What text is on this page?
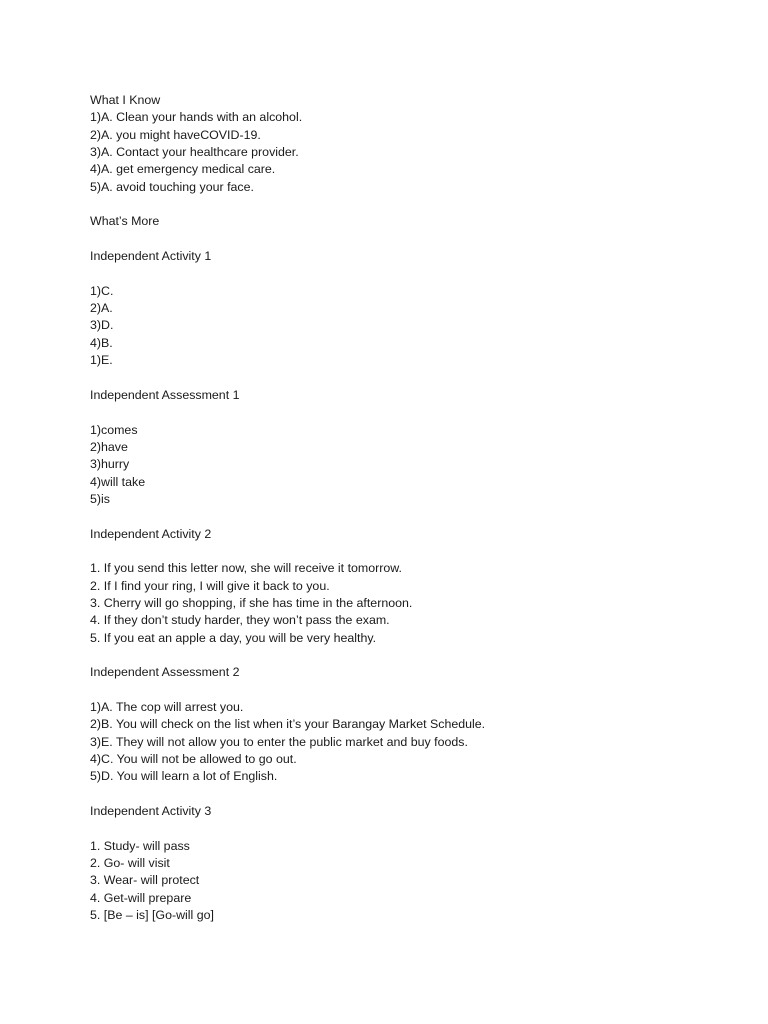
What I Know
1)A. Clean your hands with an alcohol.
2)A. you might haveCOVID-19.
3)A. Contact your healthcare provider.
4)A. get emergency medical care.
5)A. avoid touching your face.
What’s More
Independent Activity 1
1)C.
2)A.
3)D.
4)B.
1)E.
Independent Assessment 1
1)comes
2)have
3)hurry
4)will take
5)is
Independent Activity 2
1. If you send this letter now, she will receive it tomorrow.
2. If I find your ring, I will give it back to you.
3. Cherry will go shopping, if she has time in the afternoon.
4. If they don’t study harder, they won’t pass the exam.
5. If you eat an apple a day, you will be very healthy.
Independent Assessment 2
1)A. The cop will arrest you.
2)B. You will check on the list when it’s your Barangay Market Schedule.
3)E. They will not allow you to enter the public market and buy foods.
4)C. You will not be allowed to go out.
5)D. You will learn a lot of English.
Independent Activity 3
1. Study- will pass
2. Go- will visit
3. Wear- will protect
4. Get-will prepare
5. [Be – is] [Go-will go]
